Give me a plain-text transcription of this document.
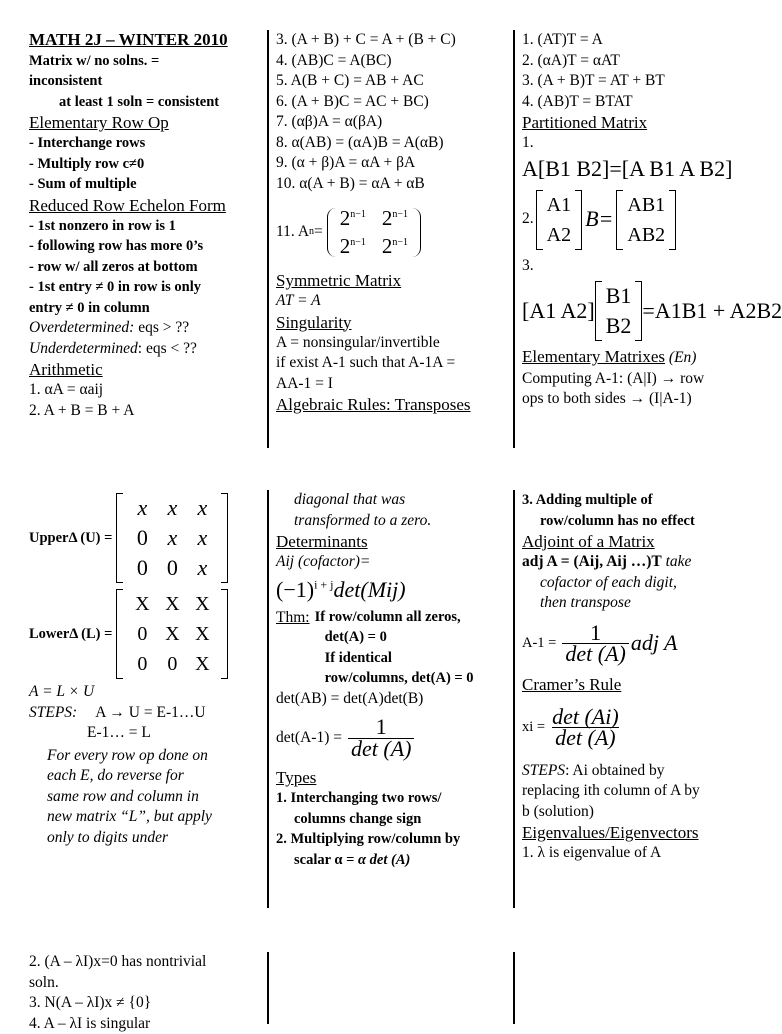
MATH 2J – WINTER 2010
Matrix w/ no solns. =
inconsistent
at least 1 soln = consistent
Elementary Row Op
- Interchange rows
- Multiply row c≠0
- Sum of multiple
Reduced Row Echelon Form
- 1st nonzero in row is 1
- following row has more 0’s
- row w/ all zeros at bottom
- 1st entry ≠ 0 in row is only
entry ≠ 0 in column
Overdetermined: eqs > ??
Underdetermined: eqs < ??
Arithmetic
1. αA = αaij
2. A + B = B + A
3. (A + B) + C = A + (B + C)
4. (AB)C = A(BC)
5. A(B + C) = AB + AC
6. (A + B)C = AC + BC)
7. (αβ)A = α(βA)
8. α(AB) = (αA)B = A(αB)
9. (α + β)A = αA + βA
10. α(A + B) = αA + αB
11. A n =
$2^{n-1}$ $2^{n-1}$
$2^{n-1}$ $2^{n-1}$
Symmetric Matrix
AT = A
Singularity
A = nonsingular/invertible
if exist A-1 such that A-1A =
AA-1 = I
Algebraic Rules: Transposes
1. (AT)T = A
2. (αA)T = αAT
3. (A + B)T = AT + BT
4. (AB)T = BTAT
Partitioned Matrix
1.
A[B1 B2]=[A B1 A B2]
2.
A1
A2
B=
AB1
AB2
3.
[A1 A2]
B1
B2
=A1B1 + A2B2
Elementary Matrixes (En)
Computing A-1: (A|I) → row
ops to both sides → (I|A-1)
UpperΔ (U) =
x x x
0 x x
0 0 x
LowerΔ (L) =
X X X
0 X X
0	0 X
A = L × U
STEPS: A → U = E-1…U
E-1… = L
For every row op done on
each E, do reverse for
same row and column in
new matrix “L”, but apply
only to digits under
diagonal that was
transformed to a zero.
Determinants
Aij (cofactor)=
$(-1)^{i + j}\det(Mij)$
Thm: If row/column all zeros,
det(A) = 0
If identical
row/columns, det(A) = 0
det(AB) = det(A)det(B)
$\det(A-1) = \frac{1}{\det (A)}$
Types
1. Interchanging two rows/
columns change sign
2. Multiplying row/column by
scalar α = α det (A)
3. Adding multiple of
row/column has no effect
Adjoint of a Matrix
adj A = (Aij, Aij …)T take
cofactor of each digit,
then transpose
$A-1 = \frac{1}{\det (A)}$ adj A
Cramer’s Rule
xi = $\frac{\det (Ai)}{\det (A)}$
STEPS: Ai obtained by
replacing ith column of A by
b (solution)
Eigenvalues/Eigenvectors
1. λ is eigenvalue of A
2. (A – λI)x=0 has nontrivial
soln.
3. N(A – λI)x ≠ {0}
4. A – λI is singular
